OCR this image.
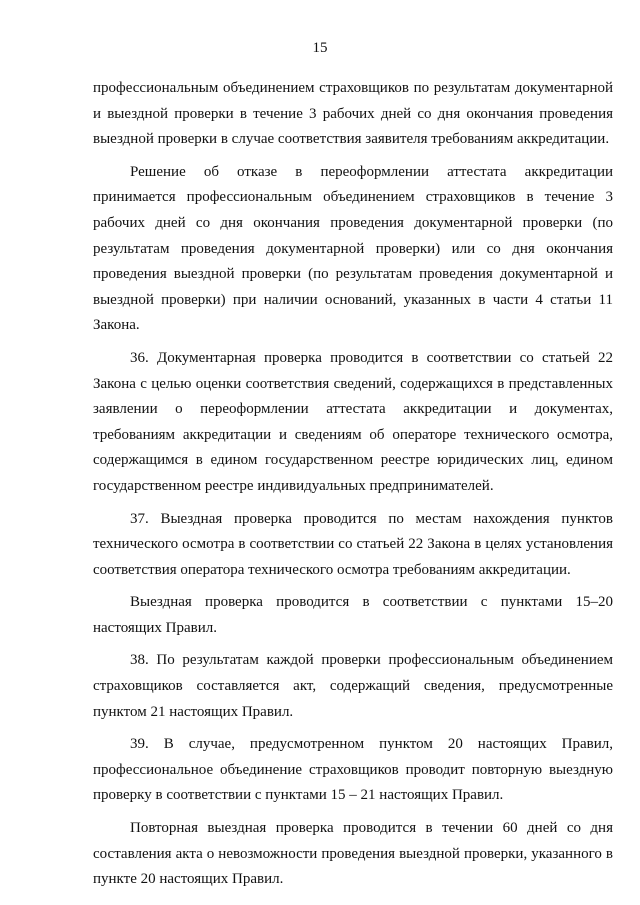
15

профессиональным объединением страховщиков по результатам документарной и выездной проверки в течение 3 рабочих дней со дня окончания проведения выездной проверки в случае соответствия заявителя требованиям аккредитации.

Решение об отказе в переоформлении аттестата аккредитации принимается профессиональным объединением страховщиков в течение 3 рабочих дней со дня окончания проведения документарной проверки (по результатам проведения документарной проверки) или со дня окончания проведения выездной проверки (по результатам проведения документарной и выездной проверки) при наличии оснований, указанных в части 4 статьи 11 Закона.

36. Документарная проверка проводится в соответствии со статьей 22 Закона с целью оценки соответствия сведений, содержащихся в представленных заявлении о переоформлении аттестата аккредитации и документах, требованиям аккредитации и сведениям об операторе технического осмотра, содержащимся в едином государственном реестре юридических лиц, едином государственном реестре индивидуальных предпринимателей.

37. Выездная проверка проводится по местам нахождения пунктов технического осмотра в соответствии со статьей 22 Закона в целях установления соответствия оператора технического осмотра требованиям аккредитации.

Выездная проверка проводится в соответствии с пунктами 15–20 настоящих Правил.

38. По результатам каждой проверки профессиональным объединением страховщиков составляется акт, содержащий сведения, предусмотренные пунктом 21 настоящих Правил.

39. В случае, предусмотренном пунктом 20 настоящих Правил, профессиональное объединение страховщиков проводит повторную выездную проверку в соответствии с пунктами 15 – 21 настоящих Правил.

Повторная выездная проверка проводится в течении 60 дней со дня составления акта о невозможности проведения выездной проверки, указанного в пункте 20 настоящих Правил.
